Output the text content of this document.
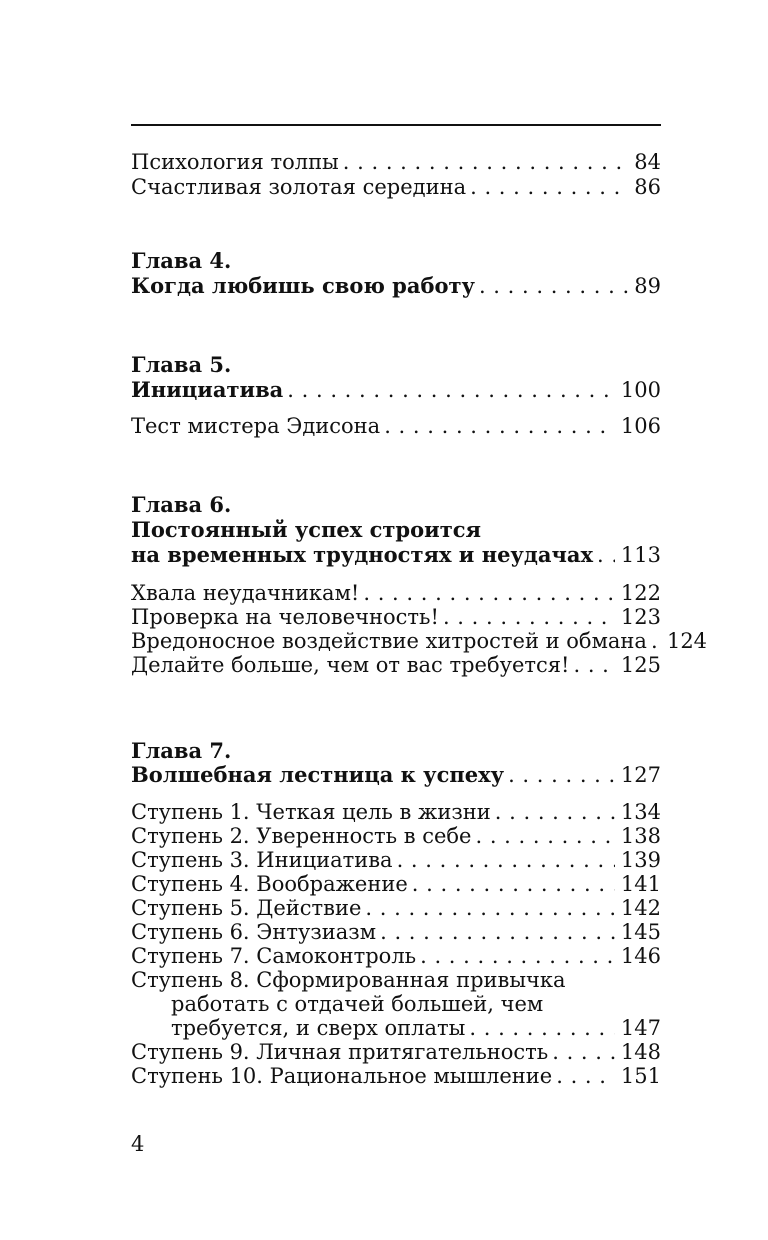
Психология толпы . . .	84
Счастливая золотая середина . . .	86
Глава 4.
Когда любишь свою работу . . .	89
Глава 5.
Инициатива . . .	100
Тест мистера Эдисона . . .	106
Глава 6.
Постоянный успех строится
на временных трудностях и неудачах . . . 113
Хвала неудачникам! . . .	122
Проверка на человечность! . . .	123
Вредоносное воздействие хитростей и обмана . . . 124
Делайте больше, чем от вас требуется! . . . 125
Глава 7.
Волшебная лестница к успеху . . .	127
Ступень 1. Четкая цель в жизни . . .	134
Ступень 2. Уверенность в себе . . .	138
Ступень 3. Инициатива . . .	139
Ступень 4. Воображение . . .	141
Ступень 5. Действие . . .	142
Ступень 6. Энтузиазм . . .	145
Ступень 7. Самоконтроль . . .	146
Ступень 8. Сформированная привычка
работать с отдачей большей, чем
требуется, и сверх оплаты . . .	147
Ступень 9. Личная притягательность . . .	148
Ступень 10. Рациональное мышление . . .	151
4
